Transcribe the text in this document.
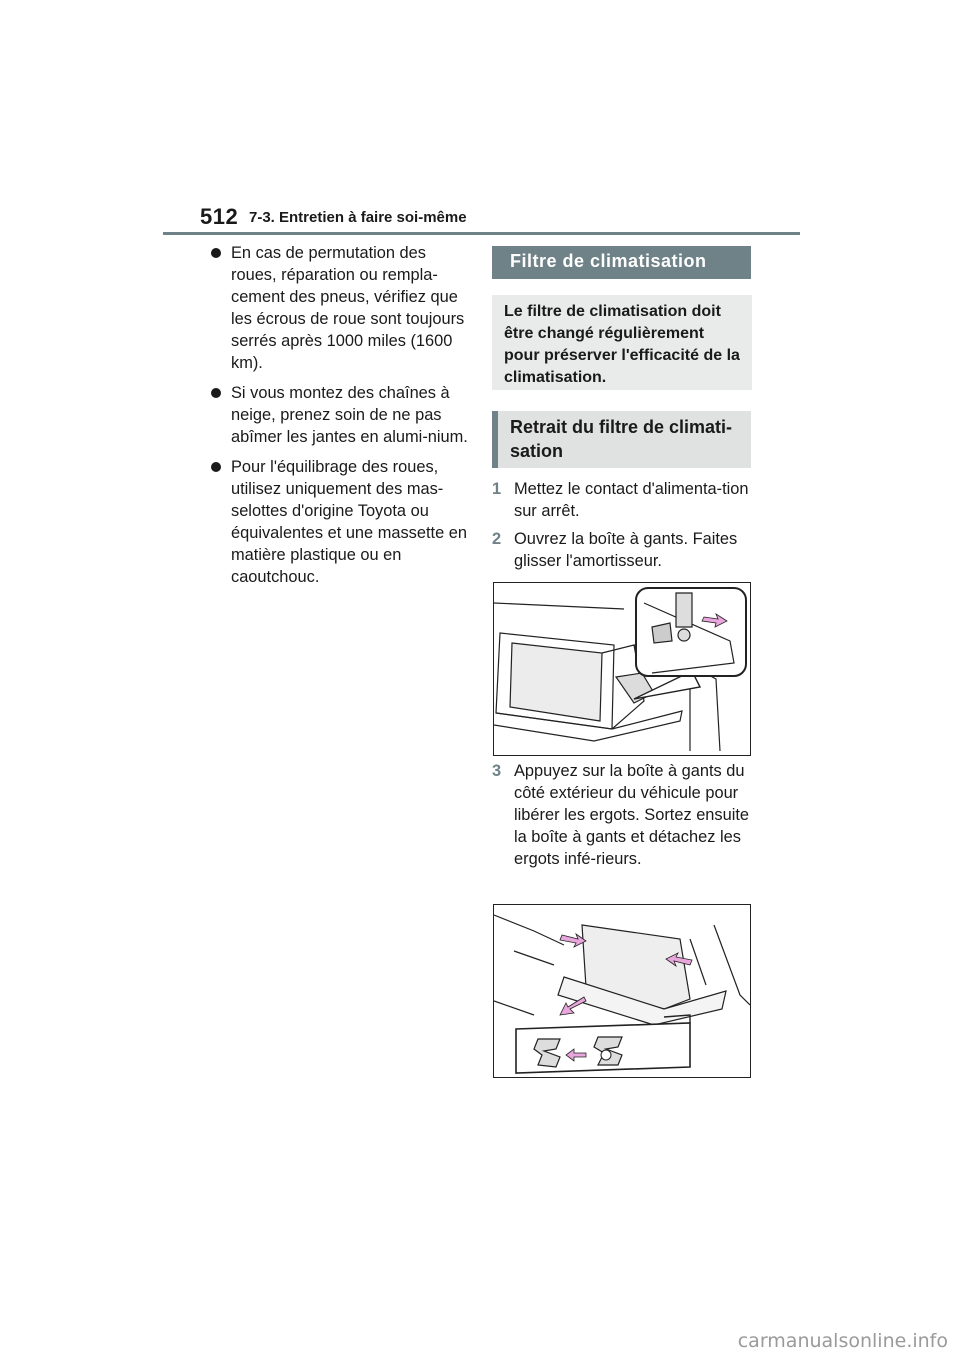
512 7-3. Entretien à faire soi-même
En cas de permutation des roues, réparation ou rempla-cement des pneus, vérifiez que les écrous de roue sont toujours serrés après 1000 miles (1600 km).
Si vous montez des chaînes à neige, prenez soin de ne pas abîmer les jantes en alumi-nium.
Pour l'équilibrage des roues, utilisez uniquement des mas-selottes d'origine Toyota ou équivalentes et une massette en matière plastique ou en caoutchouc.
Filtre de climatisation
Le filtre de climatisation doit être changé régulièrement pour préserver l'efficacité de la climatisation.
Retrait du filtre de climati-sation
1 Mettez le contact d'alimenta-tion sur arrêt.
2 Ouvrez la boîte à gants. Faites glisser l'amortisseur.
3 Appuyez sur la boîte à gants du côté extérieur du véhicule pour libérer les ergots. Sortez ensuite la boîte à gants et détachez les ergots infé-rieurs.
carmanualsonline.info
